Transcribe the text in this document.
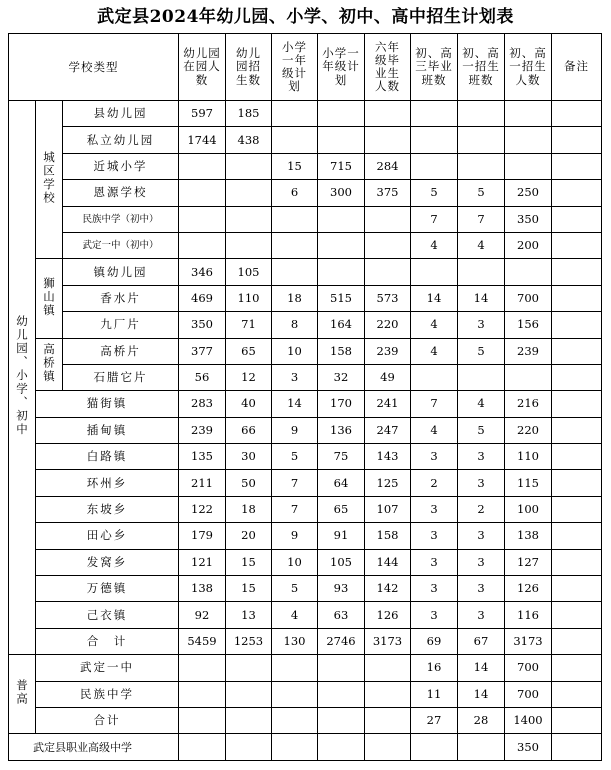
武定县2024年幼儿园、小学、初中、高中招生计划表
学校类型			幼儿园在园人数	幼儿园招生数	小学一年级计划	小学一年级计划	六年级毕业生人数	初、高三毕业班数	初、高一招生班数	初、高一招生人数	备注
幼儿园、小学、初中	城区学校	县幼儿园	597	185							
		私立幼儿园	1744	438							
		近城小学			15	715	284				
		恩源学校			6	300	375	5	5	250	
		民族中学（初中）						7	7	350	
		武定一中（初中）						4	4	200	
	狮山镇	镇幼儿园	346	105							
		香水片	469	110	18	515	573	14	14	700	
		九厂片	350	71	8	164	220	4	3	156	
	高桥镇	高桥片	377	65	10	158	239	4	5	239	
		石腊它片	56	12	3	32	49				
	猫街镇		283	40	14	170	241	7	4	216	
	插甸镇		239	66	9	136	247	4	5	220	
	白路镇		135	30	5	75	143	3	3	110	
	环州乡		211	50	7	64	125	2	3	115	
	东坡乡		122	18	7	65	107	3	2	100	
	田心乡		179	20	9	91	158	3	3	138	
	发窝乡		121	15	10	105	144	3	3	127	
	万德镇		138	15	5	93	142	3	3	126	
	己衣镇		92	13	4	63	126	3	3	116	
	合　计		5459	1253	130	2746	3173	69	67	3173	
普高	武定一中							16	14	700	
	民族中学							11	14	700	
	合计							27	28	1400	
武定县职业高级中学										350	
